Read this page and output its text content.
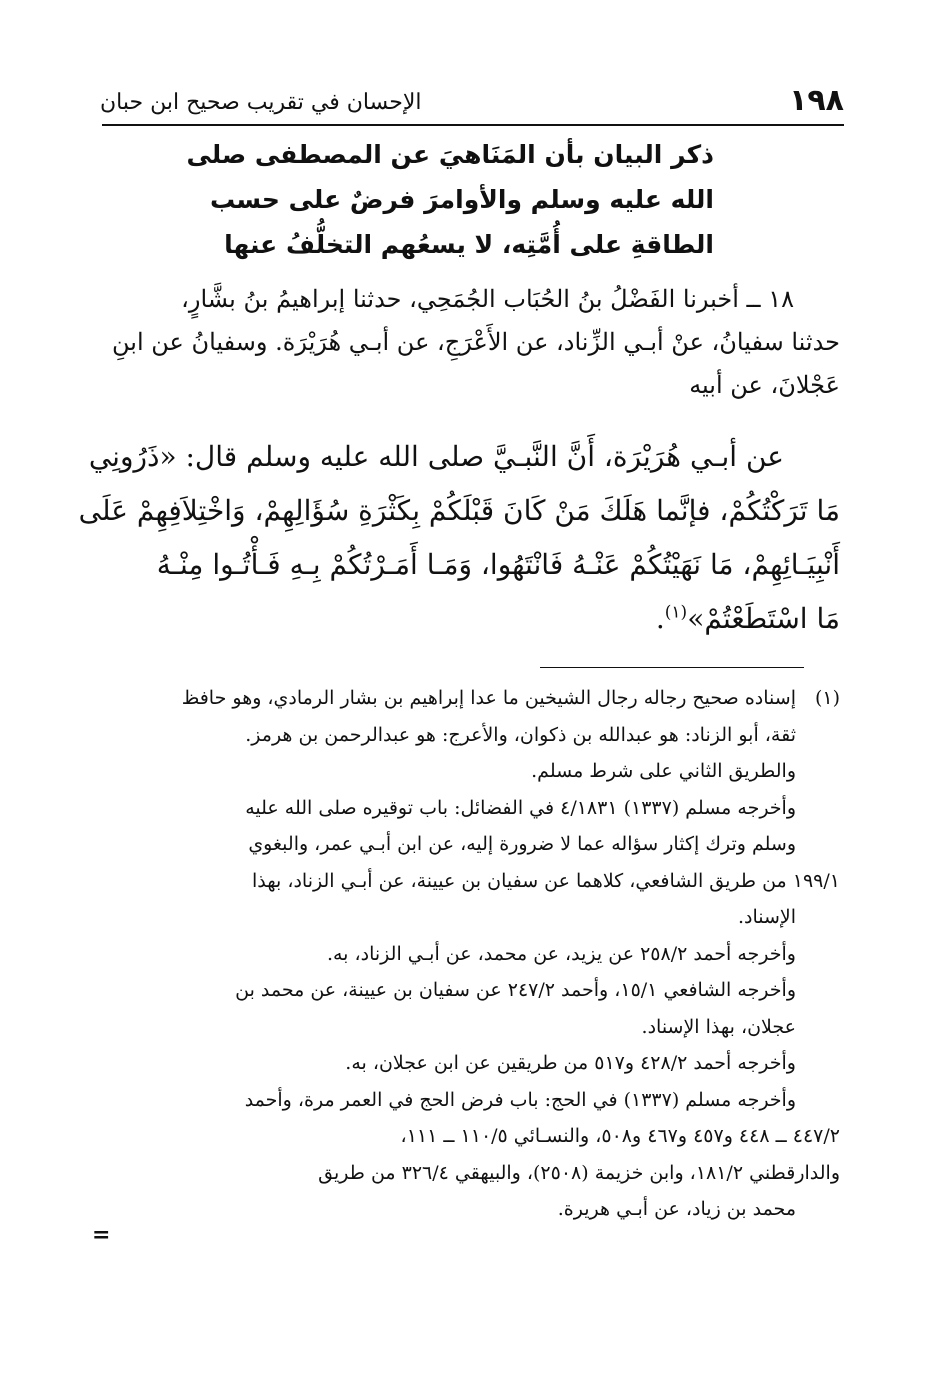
١٩٨
الإحسان في تقريب صحيح ابن حبان
ذكر البيان بأن المَنَاهيَ عن المصطفى صلى
الله عليه وسلم والأوامرَ فرضٌ على حسب
الطاقةِ على أُمَّتِه، لا يسعُهم التخلُّفُ عنها
١٨ ــ أخبرنا الفَضْلُ بنُ الحُبَاب الجُمَحِي، حدثنا إبراهيمُ بنُ بشَّارٍ،
حدثنا سفيانُ، عنْ أبـي الزِّناد، عن الأَعْرَجِ، عن أبـي هُرَيْرَة. وسفيانُ عن ابنِ
عَجْلانَ، عن أبيه
عن أبـي هُرَيْرَة، أَنَّ النَّبـيَّ صلى الله عليه وسلم قال: «ذَرُونِي
مَا تَرَكْتُكُمْ، فإنَّما هَلَكَ مَنْ كَانَ قَبْلَكُمْ بِكَثْرَةِ سُؤَالِهِمْ، وَاخْتِلاَفِهِمْ عَلَى
أَنْبِيَـائِهِمْ، مَا نَهَيْتُكُمْ عَنْـهُ فَانْتَهُوا، وَمَـا أَمَـرْتُكُمْ بِـهِ فَـأْتُـوا مِنْـهُ
مَا اسْتَطَعْتُمْ»$^{(١)}$.
(١)إسناده صحيح رجاله رجال الشيخين ما عدا إبراهيم بن بشار الرمادي، وهو حافظ
ثقة، أبو الزناد: هو عبدالله بن ذكوان، والأعرج: هو عبدالرحمن بن هرمز.
والطريق الثاني على شرط مسلم.
وأخرجه مسلم (١٣٣٧) ٤/١٨٣١ في الفضائل: باب توقيره صلى الله عليه
وسلم وترك إكثار سؤاله عما لا ضرورة إليه، عن ابن أبـي عمر، والبغوي
١٩٩/١ من طريق الشافعي، كلاهما عن سفيان بن عيينة، عن أبـي الزناد، بهذا
الإسناد.
وأخرجه أحمد ٢٥٨/٢ عن يزيد، عن محمد، عن أبـي الزناد، به.
وأخرجه الشافعي ١٥/١، وأحمد ٢٤٧/٢ عن سفيان بن عيينة، عن محمد بن
عجلان، بهذا الإسناد.
وأخرجه أحمد ٤٢٨/٢ و٥١٧ من طريقين عن ابن عجلان، به.
وأخرجه مسلم (١٣٣٧) في الحج: باب فرض الحج في العمر مرة، وأحمد
٤٤٧/٢ ــ ٤٤٨ و٤٥٧ و٤٦٧ و٥٠٨، والنسـائي ١١٠/٥ ــ ١١١،
والدارقطني ١٨١/٢، وابن خزيمة (٢٥٠٨)، والبيهقي ٣٢٦/٤ من طريق
محمد بن زياد، عن أبـي هريرة.
=
